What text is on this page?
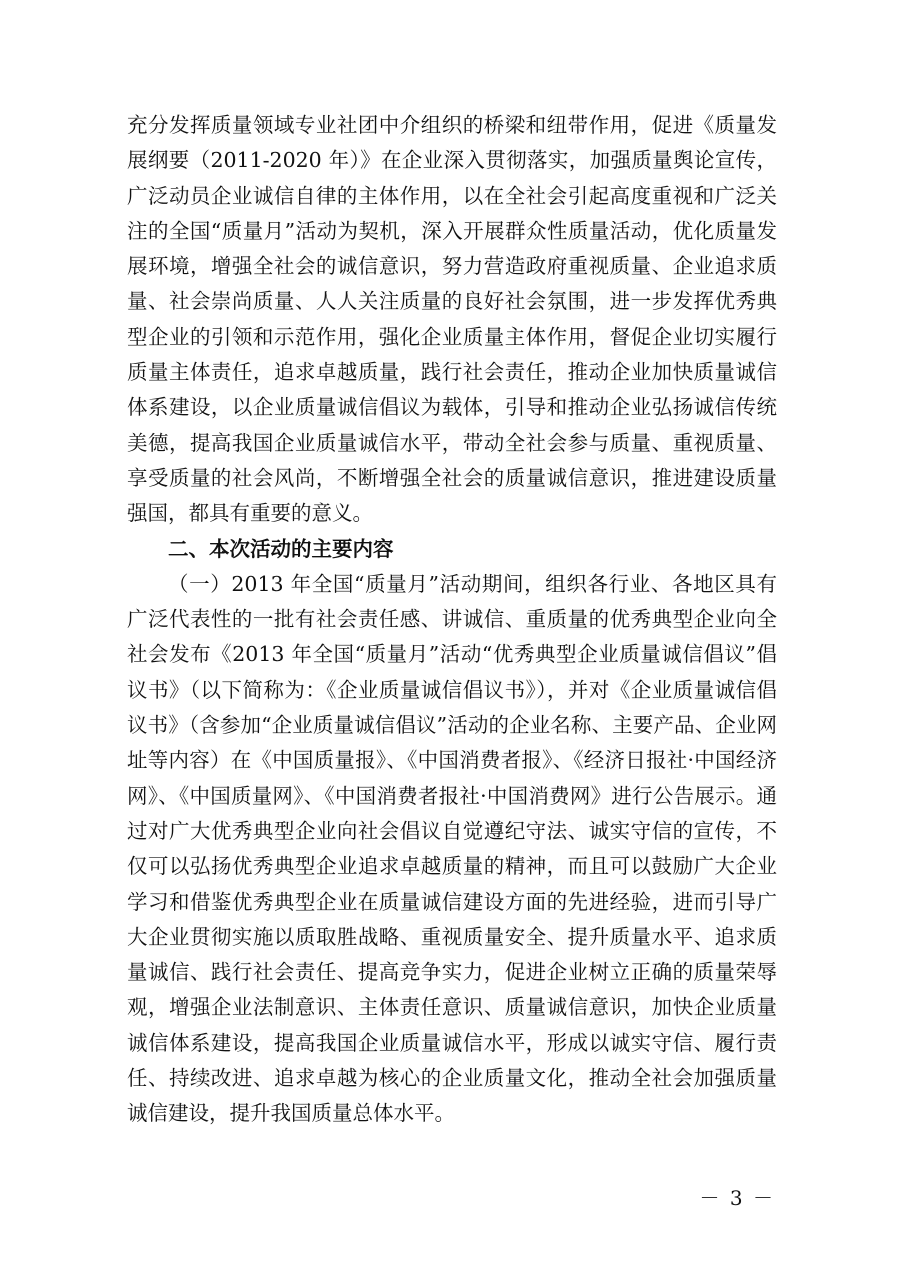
充分发挥质量领域专业社团中介组织的桥梁和纽带作用，促进《质量发展纲要（2011-2020 年）》在企业深入贯彻落实，加强质量舆论宣传，广泛动员企业诚信自律的主体作用，以在全社会引起高度重视和广泛关注的全国“质量月”活动为契机，深入开展群众性质量活动，优化质量发展环境，增强全社会的诚信意识，努力营造政府重视质量、企业追求质量、社会崇尚质量、人人关注质量的良好社会氛围，进一步发挥优秀典型企业的引领和示范作用，强化企业质量主体作用，督促企业切实履行质量主体责任，追求卓越质量，践行社会责任，推动企业加快质量诚信体系建设，以企业质量诚信倡议为载体，引导和推动企业弘扬诚信传统美德，提高我国企业质量诚信水平，带动全社会参与质量、重视质量、享受质量的社会风尚，不断增强全社会的质量诚信意识，推进建设质量强国，都具有重要的意义。

二、本次活动的主要内容

（一）2013 年全国“质量月”活动期间，组织各行业、各地区具有广泛代表性的一批有社会责任感、讲诚信、重质量的优秀典型企业向全社会发布《2013 年全国“质量月”活动“优秀典型企业质量诚信倡议”倡议书》（以下简称为：《企业质量诚信倡议书》），并对《企业质量诚信倡议书》（含参加“企业质量诚信倡议”活动的企业名称、主要产品、企业网址等内容）在《中国质量报》、《中国消费者报》、《经济日报社·中国经济网》、《中国质量网》、《中国消费者报社·中国消费网》进行公告展示。通过对广大优秀典型企业向社会倡议自觉遵纪守法、诚实守信的宣传，不仅可以弘扬优秀典型企业追求卓越质量的精神，而且可以鼓励广大企业学习和借鉴优秀典型企业在质量诚信建设方面的先进经验，进而引导广大企业贯彻实施以质取胜战略、重视质量安全、提升质量水平、追求质量诚信、践行社会责任、提高竞争实力，促进企业树立正确的质量荣辱观，增强企业法制意识、主体责任意识、质量诚信意识，加快企业质量诚信体系建设，提高我国企业质量诚信水平，形成以诚实守信、履行责任、持续改进、追求卓越为核心的企业质量文化，推动全社会加强质量诚信建设，提升我国质量总体水平。

－ 3 －
